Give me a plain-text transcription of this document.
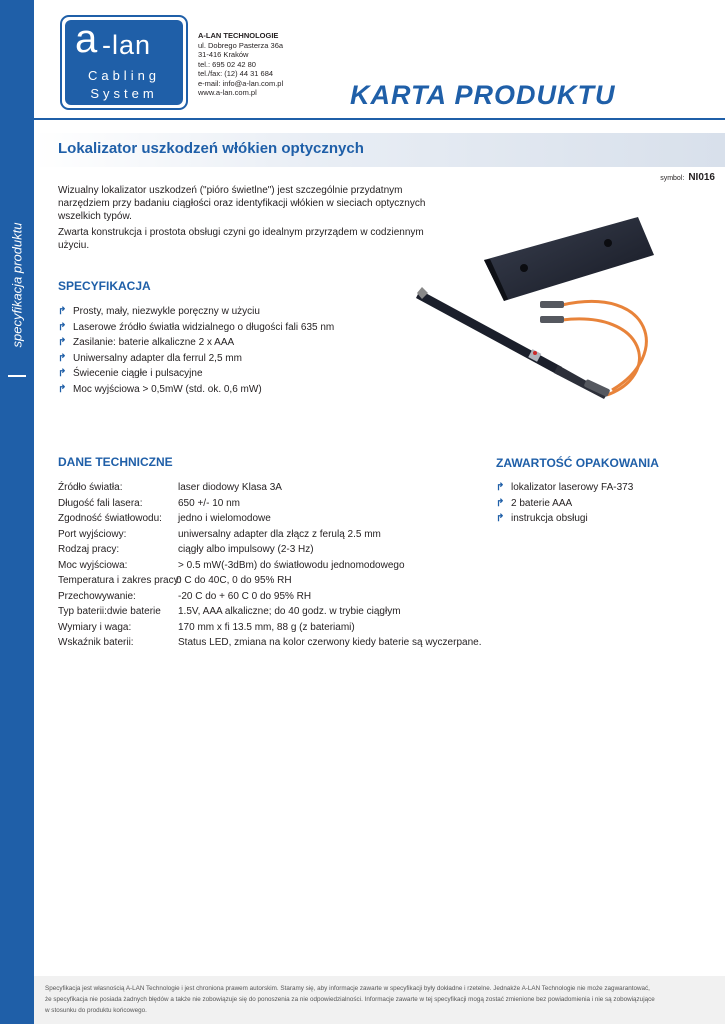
specyfikacja produktu
a -lan
Cabling
System
A-LAN TECHNOLOGIE
ul. Dobrego Pasterza 36a
31-416 Kraków
tel.: 695 02 42 80
tel./fax: (12) 44 31 684
e-mail: info@a-lan.com.pl
www.a-lan.com.pl	KARTA PRODUKTU
Lokalizator uszkodzeń włókien optycznych
symbol: NI016

Wizualny lokalizator uszkodzeń ("pióro świetlne") jest szczególnie przydatnym narzędziem przy badaniu ciągłości oraz identyfikacji włókien w sieciach optycznych wszelkich typów.

Zwarta konstrukcja i prostota obsługi czyni go idealnym przyrządem w codziennym użyciu.

SPECYFIKACJA
↱ Prosty, mały, niezwykle poręczny w użyciu
↱ Laserowe źródło światła widzialnego o długości fali 635 nm
↱ Zasilanie: baterie alkaliczne 2 x AAA
↱ Uniwersalny adapter dla ferrul 2,5 mm
↱ Świecenie ciągłe i pulsacyjne
↱ Moc wyjściowa > 0,5mW (std. ok. 0,6 mW)
DANE TECHNICZNE
Źródło światła:	laser diodowy Klasa 3A
Długość fali lasera:	650 +/- 10 nm
Zgodność światłowodu:	jedno i wielomodowe
Port wyjściowy:	uniwersalny adapter dla złącz z ferulą 2.5 mm
Rodzaj pracy:	ciągły albo impulsowy (2-3 Hz)
Moc wyjściowa:	> 0.5 mW(-3dBm) do światłowodu jednomodowego
Temperatura i zakres pracy:
0 C do 40C, 0 do 95% RH
Przechowywanie:	-20 C do + 60 C 0 do 95% RH
Typ baterii:dwie baterie	1.5V, AAA alkaliczne; do 40 godz. w trybie ciągłym
Wymiary i waga:	170 mm x fi 13.5 mm, 88 g (z bateriami)
Wskaźnik baterii:	Status LED, zmiana na kolor czerwony kiedy baterie są wyczerpane.
ZAWARTOŚĆ OPAKOWANIA
↱ lokalizator laserowy FA-373
↱ 2 baterie AAA
↱ instrukcja obsługi
Specyfikacja jest własnością A-LAN Technologie i jest chroniona prawem autorskim. Staramy się, aby informacje zawarte w specyfikacji były dokładne i rzetelne. Jednakże A-LAN Technologie nie może zagwarantować,
że specyfikacja nie posiada żadnych błędów a także nie zobowiązuje się do ponoszenia za nie odpowiedzialności. Informacje zawarte w tej specyfikacji mogą zostać zmienione bez powiadomienia i nie są zobowiązujące
w stosunku do produktu końcowego.
